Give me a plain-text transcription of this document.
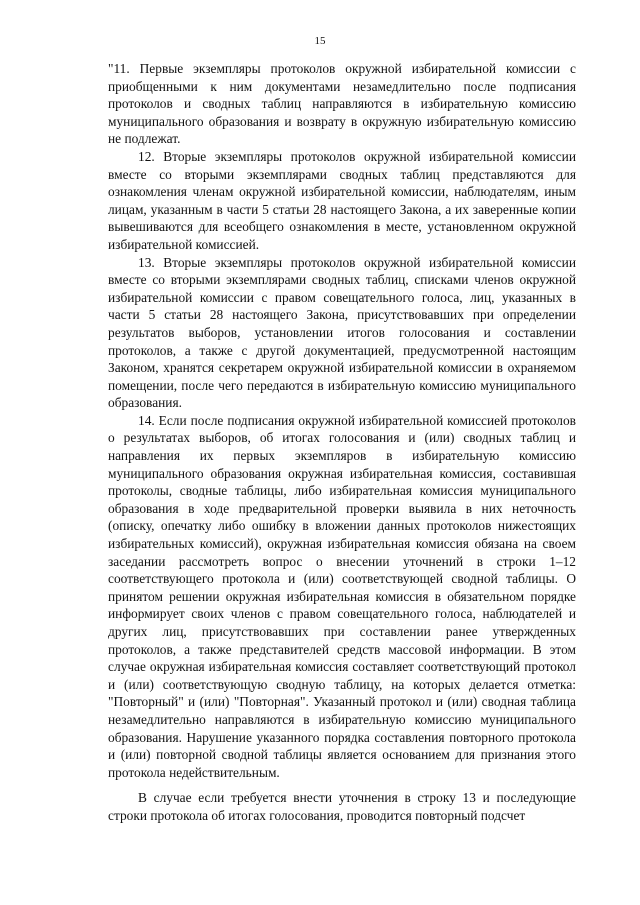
15

"11. Первые экземпляры протоколов окружной избирательной комиссии с приобщенными к ним документами незамедлительно после подписания протоколов и сводных таблиц направляются в избирательную комиссию муниципального образования и возврату в окружную избирательную комиссию не подлежат.

12. Вторые экземпляры протоколов окружной избирательной комиссии вместе со вторыми экземплярами сводных таблиц представляются для ознакомления членам окружной избирательной комиссии, наблюдателям, иным лицам, указанным в части 5 статьи 28 настоящего Закона, а их заверенные копии вывешиваются для всеобщего ознакомления в месте, установленном окружной избирательной комиссией.

13. Вторые экземпляры протоколов окружной избирательной комиссии вместе со вторыми экземплярами сводных таблиц, списками членов окружной избирательной комиссии с правом совещательного голоса, лиц, указанных в части 5 статьи 28 настоящего Закона, присутствовавших при определении результатов выборов, установлении итогов голосования и составлении протоколов, а также с другой документацией, предусмотренной настоящим Законом, хранятся секретарем окружной избирательной комиссии в охраняемом помещении, после чего передаются в избирательную комиссию муниципального образования.

14. Если после подписания окружной избирательной комиссией протоколов о результатах выборов, об итогах голосования и (или) сводных таблиц и направления их первых экземпляров в избирательную комиссию муниципального образования окружная избирательная комиссия, составившая протоколы, сводные таблицы, либо избирательная комиссия муниципального образования в ходе предварительной проверки выявила в них неточность (описку, опечатку либо ошибку в вложении данных протоколов нижестоящих избирательных комиссий), окружная избирательная комиссия обязана на своем заседании рассмотреть вопрос о внесении уточнений в строки 1–12 соответствующего протокола и (или) соответствующей сводной таблицы. О принятом решении окружная избирательная комиссия в обязательном порядке информирует своих членов с правом совещательного голоса, наблюдателей и других лиц, присутствовавших при составлении ранее утвержденных протоколов, а также представителей средств массовой информации. В этом случае окружная избирательная комиссия составляет соответствующий протокол и (или) соответствующую сводную таблицу, на которых делается отметка: "Повторный" и (или) "Повторная". Указанный протокол и (или) сводная таблица незамедлительно направляются в избирательную комиссию муниципального образования. Нарушение указанного порядка составления повторного протокола и (или) повторной сводной таблицы является основанием для признания этого протокола недействительным.

В случае если требуется внести уточнения в строку 13 и последующие строки протокола об итогах голосования, проводится повторный подсчет
